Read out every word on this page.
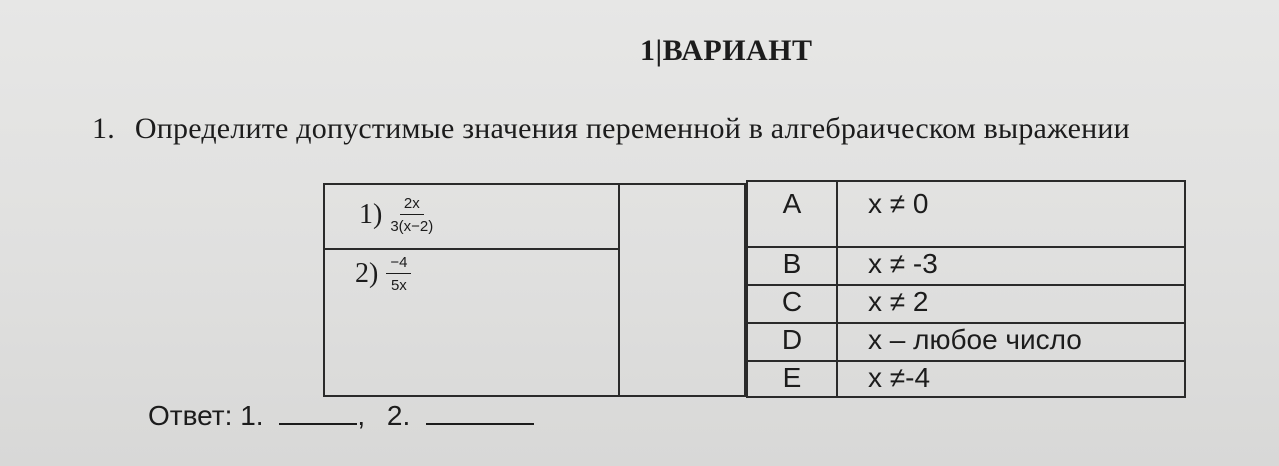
1|ВАРИАНТ
1. Определите допустимые значения переменной в алгебраическом выражении
$1) \frac{2x}{3(x-2)}$

$2) \frac{-4}{5x}$
A	x ≠ 0
B	x ≠ -3
C	x ≠ 2
D	x – любое число
E	x ≠-4
Ответ: 1.	, 2.
